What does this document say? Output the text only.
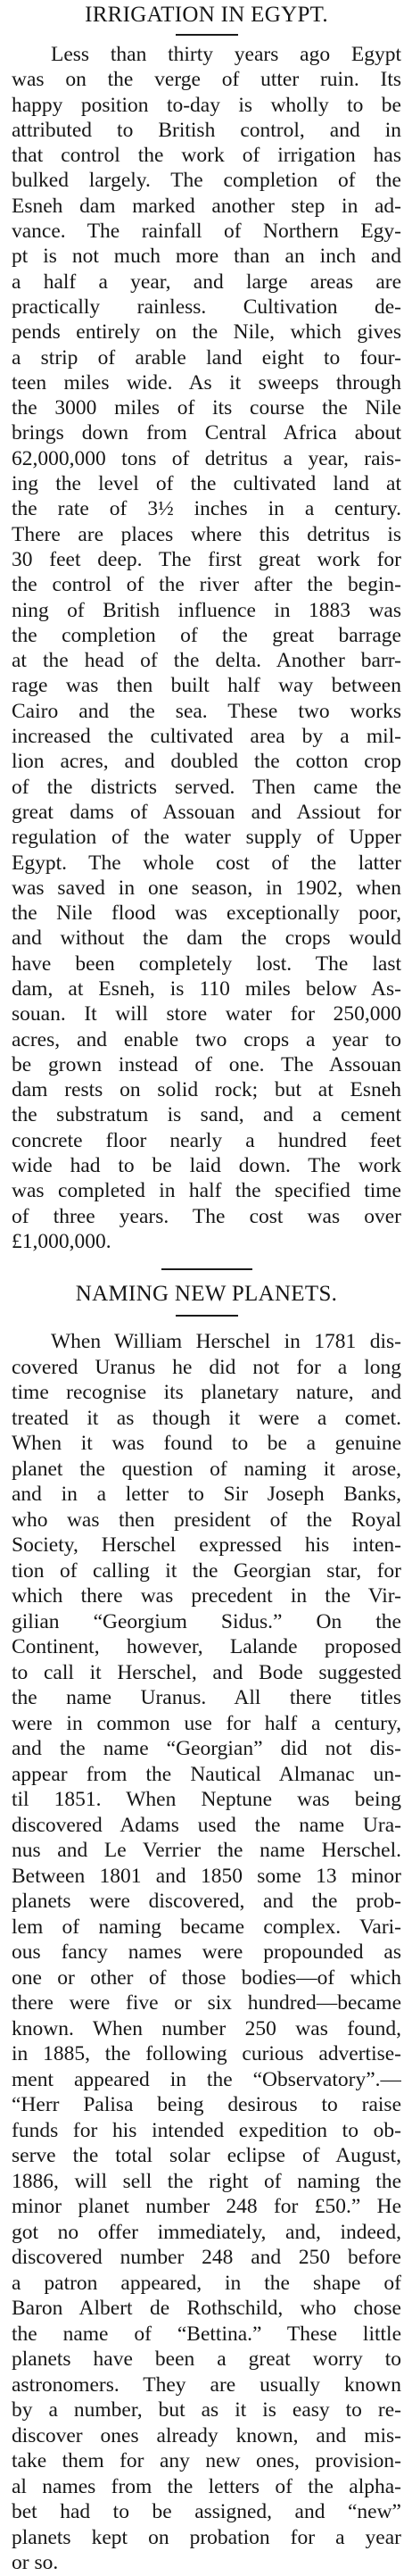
IRRIGATION IN EGYPT.
Less than thirty years ago Egypt
was on the verge of utter ruin. Its
happy position to-day is wholly to be
attributed to British control, and in
that control the work of irrigation has
bulked largely. The completion of the
Esneh dam marked another step in ad-
vance. The rainfall of Northern Egy-
pt is not much more than an inch and
a half a year, and large areas are
practically rainless. Cultivation de-
pends entirely on the Nile, which gives
a strip of arable land eight to four-
teen miles wide. As it sweeps through
the 3000 miles of its course the Nile
brings down from Central Africa about
62,000,000 tons of detritus a year, rais-
ing the level of the cultivated land at
the rate of 3½ inches in a century.
There are places where this detritus is
30 feet deep. The first great work for
the control of the river after the begin-
ning of British influence in 1883 was
the completion of the great barrage
at the head of the delta. Another barr-
rage was then built half way between
Cairo and the sea. These two works
increased the cultivated area by a mil-
lion acres, and doubled the cotton crop
of the districts served. Then came the
great dams of Assouan and Assiout for
regulation of the water supply of Upper
Egypt. The whole cost of the latter
was saved in one season, in 1902, when
the Nile flood was exceptionally poor,
and without the dam the crops would
have been completely lost. The last
dam, at Esneh, is 110 miles below As-
souan. It will store water for 250,000
acres, and enable two crops a year to
be grown instead of one. The Assouan
dam rests on solid rock; but at Esneh
the substratum is sand, and a cement
concrete floor nearly a hundred feet
wide had to be laid down. The work
was completed in half the specified time
of three years. The cost was over
£1,000,000.
NAMING NEW PLANETS.
When William Herschel in 1781 dis-
covered Uranus he did not for a long
time recognise its planetary nature, and
treated it as though it were a comet.
When it was found to be a genuine
planet the question of naming it arose,
and in a letter to Sir Joseph Banks,
who was then president of the Royal
Society, Herschel expressed his inten-
tion of calling it the Georgian star, for
which there was precedent in the Vir-
gilian “Georgium Sidus.” On the
Continent, however, Lalande proposed
to call it Herschel, and Bode suggested
the name Uranus. All there titles
were in common use for half a century,
and the name “Georgian” did not dis-
appear from the Nautical Almanac un-
til 1851. When Neptune was being
discovered Adams used the name Ura-
nus and Le Verrier the name Herschel.
Between 1801 and 1850 some 13 minor
planets were discovered, and the prob-
lem of naming became complex. Vari-
ous fancy names were propounded as
one or other of those bodies—of which
there were five or six hundred—became
known. When number 250 was found,
in 1885, the following curious advertise-
ment appeared in the “Observatory”.—
“Herr Palisa being desirous to raise
funds for his intended expedition to ob-
serve the total solar eclipse of August,
1886, will sell the right of naming the
minor planet number 248 for £50.” He
got no offer immediately, and, indeed,
discovered number 248 and 250 before
a patron appeared, in the shape of
Baron Albert de Rothschild, who chose
the name of “Bettina.” These little
planets have been a great worry to
astronomers. They are usually known
by a number, but as it is easy to re-
discover ones already known, and mis-
take them for any new ones, provision-
al names from the letters of the alpha-
bet had to be assigned, and “new”
planets kept on probation for a year
or so.
